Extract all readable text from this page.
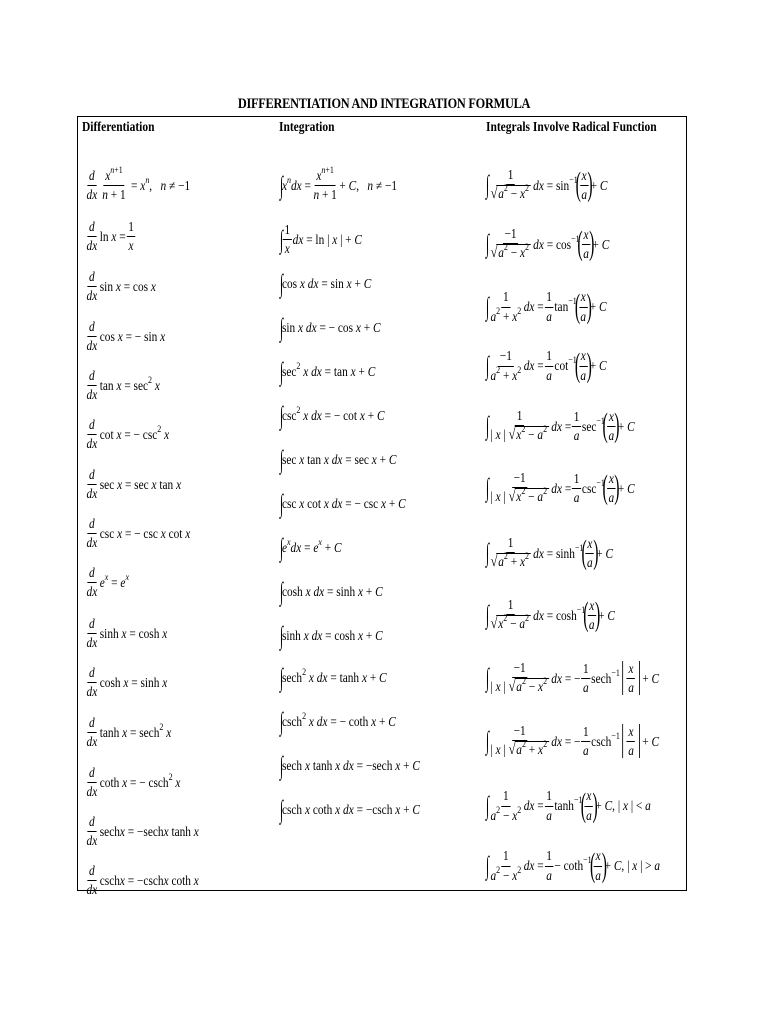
DIFFERENTIATION AND INTEGRATION FORMULA
Differentiation	Integration	Integrals Involve Radical Function
d
dx $\frac{x^{n+1}}{n + 1} = x^n$, n ≠ −1
d
dx
$\ln x = \frac{1}{x}$
d
dx
sin x = cos x
d
dx
cos x = − sin x
d
dx
$\tan x = \sec^2 x$
d
dx
cot x = − $\csc^2 x$
d
dx
sec x = sec x tan x
d
dx
csc x = − csc x cot x
d
dx
$e^x = e^x$
d
dx
sinh x = cosh x
d
dx
cosh x = sinh x
d
dx
tanh x = sech$^2$ x
d
dx
coth x = − csch$^2$ x
d
dx
sechx = −sechx tanh x
d
dx
cschx = −cschx coth x
∫
$x^ndx = \frac{x^{n+1}}{n + 1} + C$, n ≠ −1
∫ 1
x
dx = ln | x | + C
∫
cos x dx = sin x + C
∫
sin x dx = − cos x + C
∫
$\sec^2 x$ dx = tan x + C
∫
$\csc^2 x$ dx = − cot x + C
∫
sec x tan x dx = sec x + C
∫
csc x cot x dx = − csc x + C
∫
$e^xdx = e^x + C$
∫
cosh x dx = sinh x + C
∫
sinh x dx = cosh x + C
∫
sech$^2$ x dx = tanh x + C
∫
csch$^2$ x dx = − coth x + C
∫
sech x tanh x dx = −sech x + C
∫
csch x coth x dx = −csch x + C
∫ 1
$√a^2 - x^2$ dx = $\sin^{-1}$
( x
a )
+ C
∫ −1
$√a^2 - x^2$ dx = $\cos^{-1}$
( x
a )
+ C
∫ 1
$a^2 + x^2$ dx = $\frac{1}{a} \tan^{-1}$
( x
a )
+ C
∫ −1
$a^2 + x^2$ dx = $\frac{1}{a} \cot^{-1}$
( x
a )
+ C
∫ 1
| x | $√x^2 - a^2$ dx = $\frac{1}{a} \sec^{-1}$
( x
a )
+ C
∫ −1
| x | $√x^2 - a^2$ dx = $\frac{1}{a} \csc^{-1}$
( x
a )
+ C
∫ 1
$√a^2 + x^2$ dx = $\sinh^{-1}$
( x
a )
+ C
∫ 1
$√x^2 - a^2$ dx = $\cosh^{-1}$
( x
a )
+ C
∫ −1
| x | $√a^2 - x^2$ dx = − $\frac{1}{a} \sec h^{-1}$ x
a
+ C
∫ −1
| x | $√a^2 + x^2$ dx = − $\frac{1}{a} \csc h^{-1}$ x
a
+ C
∫ 1
$a^2 - x^2$ dx = $\frac{1}{a} \tanh^{-1}$
( x
a )
+ C, | x | < a
∫ 1
$a^2 - x^2$ dx = $\frac{1}{a} - \cot h^{-1}$
( x
a )
+ C, | x | > a
